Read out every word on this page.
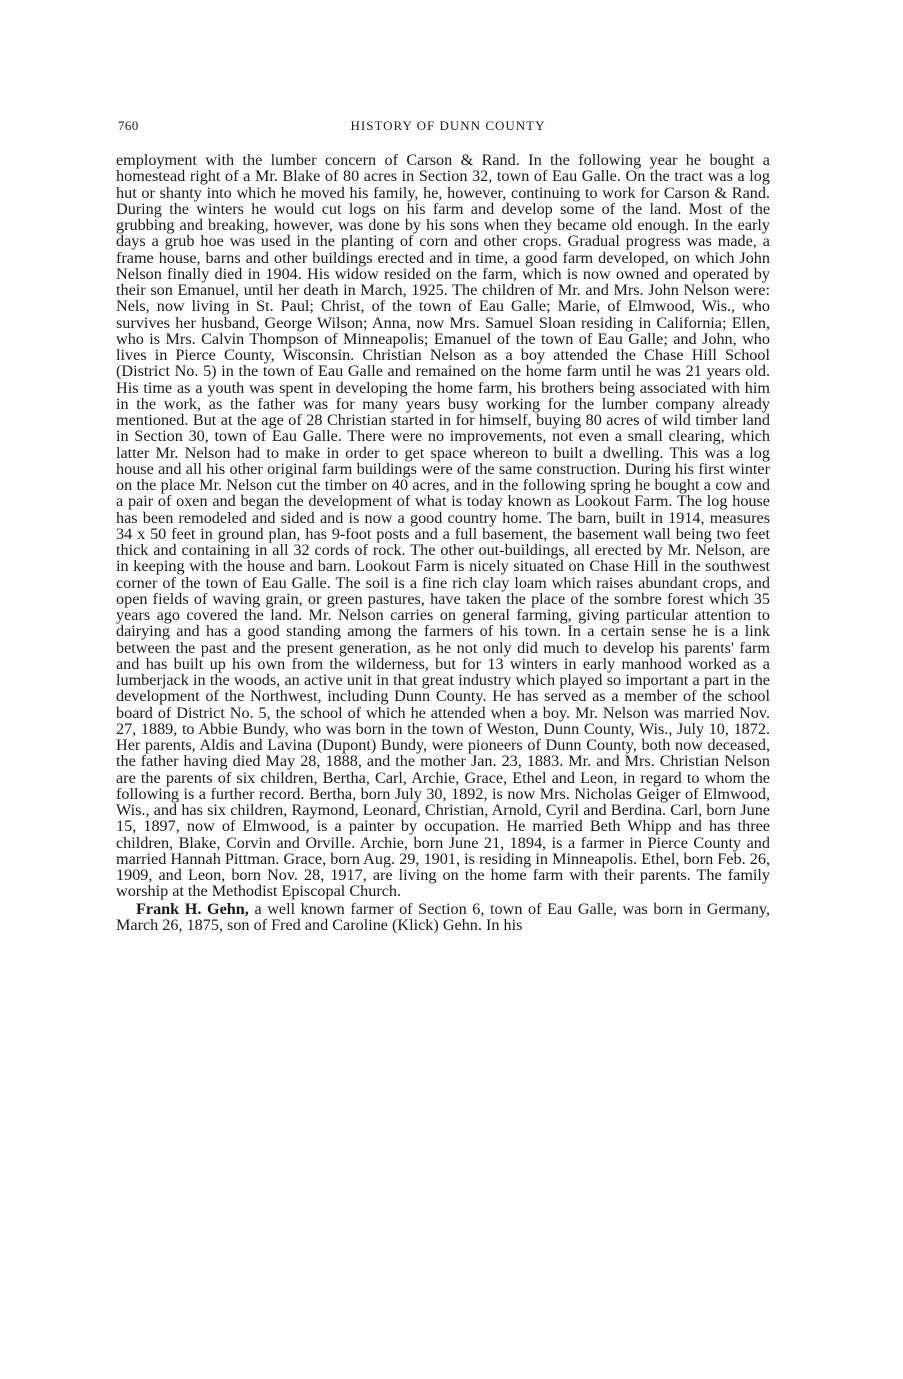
760	HISTORY OF DUNN COUNTY

employment with the lumber concern of Carson & Rand. In the following year he bought a homestead right of a Mr. Blake of 80 acres in Section 32, town of Eau Galle. On the tract was a log hut or shanty into which he moved his family, he, however, continuing to work for Carson & Rand. During the winters he would cut logs on his farm and develop some of the land. Most of the grubbing and breaking, however, was done by his sons when they became old enough. In the early days a grub hoe was used in the planting of corn and other crops. Gradual progress was made, a frame house, barns and other buildings erected and in time, a good farm developed, on which John Nelson finally died in 1904. His widow resided on the farm, which is now owned and operated by their son Emanuel, until her death in March, 1925. The children of Mr. and Mrs. John Nelson were: Nels, now living in St. Paul; Christ, of the town of Eau Galle; Marie, of Elmwood, Wis., who survives her husband, George Wilson; Anna, now Mrs. Samuel Sloan residing in California; Ellen, who is Mrs. Calvin Thompson of Minneapolis; Emanuel of the town of Eau Galle; and John, who lives in Pierce County, Wisconsin. Christian Nelson as a boy attended the Chase Hill School (District No. 5) in the town of Eau Galle and remained on the home farm until he was 21 years old. His time as a youth was spent in developing the home farm, his brothers being associated with him in the work, as the father was for many years busy working for the lumber company already mentioned. But at the age of 28 Christian started in for himself, buying 80 acres of wild timber land in Section 30, town of Eau Galle. There were no improvements, not even a small clearing, which latter Mr. Nelson had to make in order to get space whereon to built a dwelling. This was a log house and all his other original farm buildings were of the same construction. During his first winter on the place Mr. Nelson cut the timber on 40 acres, and in the following spring he bought a cow and a pair of oxen and began the development of what is today known as Lookout Farm. The log house has been remodeled and sided and is now a good country home. The barn, built in 1914, measures 34 x 50 feet in ground plan, has 9-foot posts and a full basement, the basement wall being two feet thick and containing in all 32 cords of rock. The other out-buildings, all erected by Mr. Nelson, are in keeping with the house and barn. Lookout Farm is nicely situated on Chase Hill in the southwest corner of the town of Eau Galle. The soil is a fine rich clay loam which raises abundant crops, and open fields of waving grain, or green pastures, have taken the place of the sombre forest which 35 years ago covered the land. Mr. Nelson carries on general farming, giving particular attention to dairying and has a good standing among the farmers of his town. In a certain sense he is a link between the past and the present generation, as he not only did much to develop his parents' farm and has built up his own from the wilderness, but for 13 winters in early manhood worked as a lumberjack in the woods, an active unit in that great industry which played so important a part in the development of the Northwest, including Dunn County. He has served as a member of the school board of District No. 5, the school of which he attended when a boy. Mr. Nelson was married Nov. 27, 1889, to Abbie Bundy, who was born in the town of Weston, Dunn County, Wis., July 10, 1872. Her parents, Aldis and Lavina (Dupont) Bundy, were pioneers of Dunn County, both now deceased, the father having died May 28, 1888, and the mother Jan. 23, 1883. Mr. and Mrs. Christian Nelson are the parents of six children, Bertha, Carl, Archie, Grace, Ethel and Leon, in regard to whom the following is a further record. Bertha, born July 30, 1892, is now Mrs. Nicholas Geiger of Elmwood, Wis., and has six children, Raymond, Leonard, Christian, Arnold, Cyril and Berdina. Carl, born June 15, 1897, now of Elmwood, is a painter by occupation. He married Beth Whipp and has three children, Blake, Corvin and Orville. Archie, born June 21, 1894, is a farmer in Pierce County and married Hannah Pittman. Grace, born Aug. 29, 1901, is residing in Minneapolis. Ethel, born Feb. 26, 1909, and Leon, born Nov. 28, 1917, are living on the home farm with their parents. The family worship at the Methodist Episcopal Church.

Frank H. Gehn, a well known farmer of Section 6, town of Eau Galle, was born in Germany, March 26, 1875, son of Fred and Caroline (Klick) Gehn. In his
